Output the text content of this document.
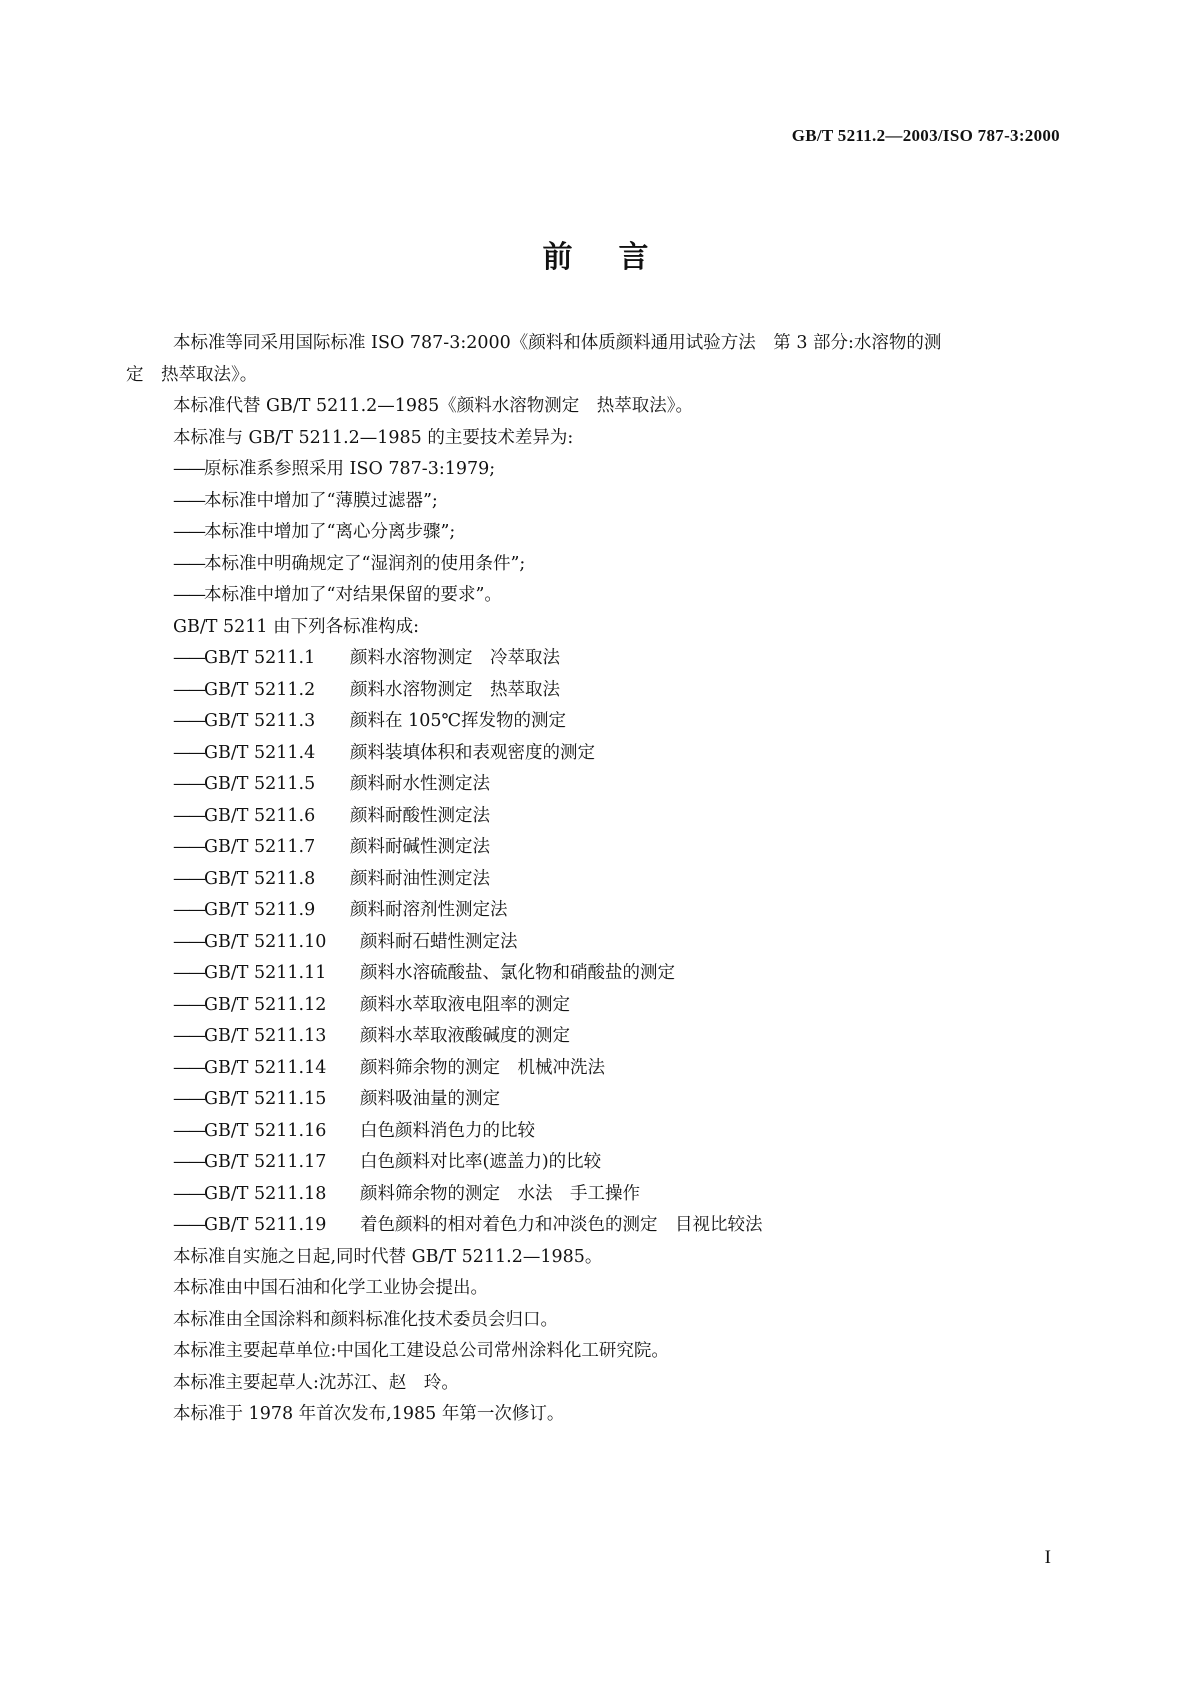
GB/T 5211.2—2003/ISO 787-3:2000
前言
本标准等同采用国际标准 ISO 787-3:2000《颜料和体质颜料通用试验方法　第 3 部分:水溶物的测
定　热萃取法》。
本标准代替 GB/T 5211.2—1985《颜料水溶物测定　热萃取法》。
本标准与 GB/T 5211.2—1985 的主要技术差异为:
——原标准系参照采用 ISO 787-3:1979;
——本标准中增加了“薄膜过滤器”;
——本标准中增加了“离心分离步骤”;
——本标准中明确规定了“湿润剂的使用条件”;
——本标准中增加了“对结果保留的要求”。
GB/T 5211 由下列各标准构成:
——GB/T 5211.1 颜料水溶物测定　冷萃取法
——GB/T 5211.2 颜料水溶物测定　热萃取法
——GB/T 5211.3 颜料在 105℃挥发物的测定
——GB/T 5211.4 颜料装填体积和表观密度的测定
——GB/T 5211.5 颜料耐水性测定法
——GB/T 5211.6 颜料耐酸性测定法
——GB/T 5211.7 颜料耐碱性测定法
——GB/T 5211.8 颜料耐油性测定法
——GB/T 5211.9 颜料耐溶剂性测定法
——GB/T 5211.10 颜料耐石蜡性测定法
——GB/T 5211.11 颜料水溶硫酸盐、氯化物和硝酸盐的测定
——GB/T 5211.12 颜料水萃取液电阻率的测定
——GB/T 5211.13 颜料水萃取液酸碱度的测定
——GB/T 5211.14 颜料筛余物的测定　机械冲洗法
——GB/T 5211.15 颜料吸油量的测定
——GB/T 5211.16 白色颜料消色力的比较
——GB/T 5211.17 白色颜料对比率(遮盖力)的比较
——GB/T 5211.18 颜料筛余物的测定　水法　手工操作
——GB/T 5211.19 着色颜料的相对着色力和冲淡色的测定　目视比较法
本标准自实施之日起,同时代替 GB/T 5211.2—1985。
本标准由中国石油和化学工业协会提出。
本标准由全国涂料和颜料标准化技术委员会归口。
本标准主要起草单位:中国化工建设总公司常州涂料化工研究院。
本标准主要起草人:沈苏江、赵　玲。
本标准于 1978 年首次发布,1985 年第一次修订。
I
